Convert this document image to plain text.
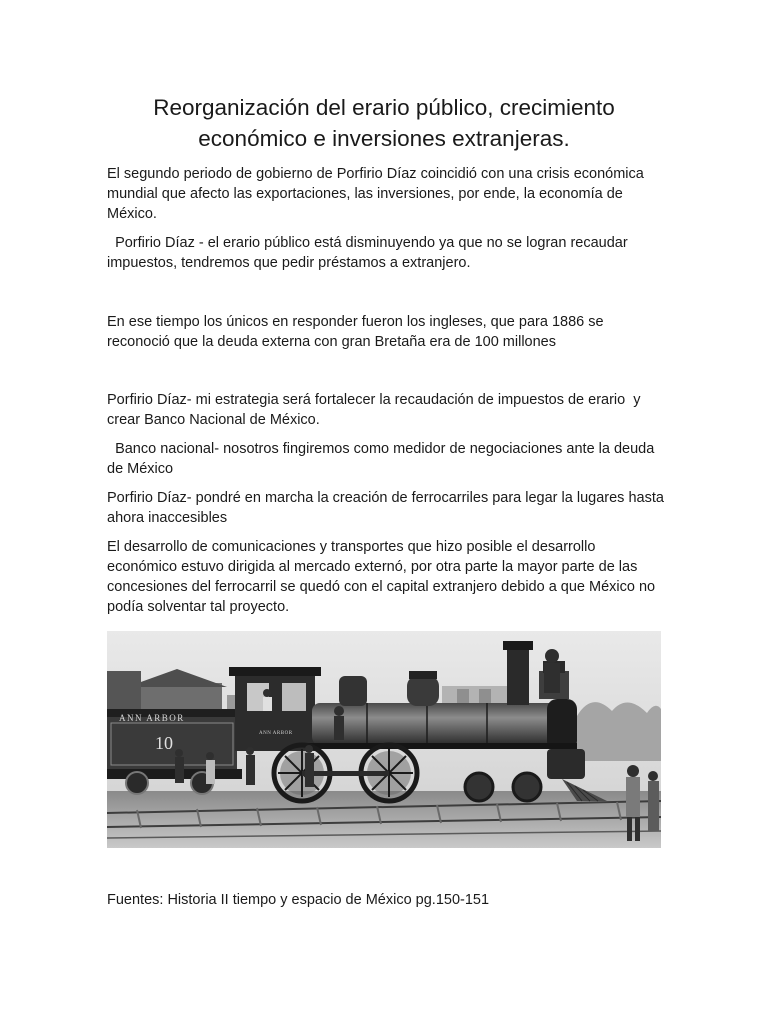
Reorganización del erario público, crecimiento económico e inversiones extranjeras.

El segundo periodo de gobierno de Porfirio Díaz coincidió con una crisis económica mundial que afecto las exportaciones, las inversiones, por ende, la economía de México.

Porfirio Díaz - el erario público está disminuyendo ya que no se logran recaudar impuestos, tendremos que pedir préstamos a extranjero.

En ese tiempo los únicos en responder fueron los ingleses, que para 1886 se reconoció que la deuda externa con gran Bretaña era de 100 millones

Porfirio Díaz- mi estrategia será fortalecer la recaudación de impuestos de erario  y crear Banco Nacional de México.

Banco nacional- nosotros fingiremos como medidor de negociaciones ante la deuda de México

Porfirio Díaz- pondré en marcha la creación de ferrocarriles para legar la lugares hasta ahora inaccesibles

El desarrollo de comunicaciones y transportes que hizo posible el desarrollo económico estuvo dirigida al mercado externó, por otra parte la mayor parte de las concesiones del ferrocarril se quedó con el capital extranjero debido a que México no podía solventar tal proyecto.

ANN ARBOR
10	ANN ARBOR

Fuentes: Historia II tiempo y espacio de México pg.150-151
